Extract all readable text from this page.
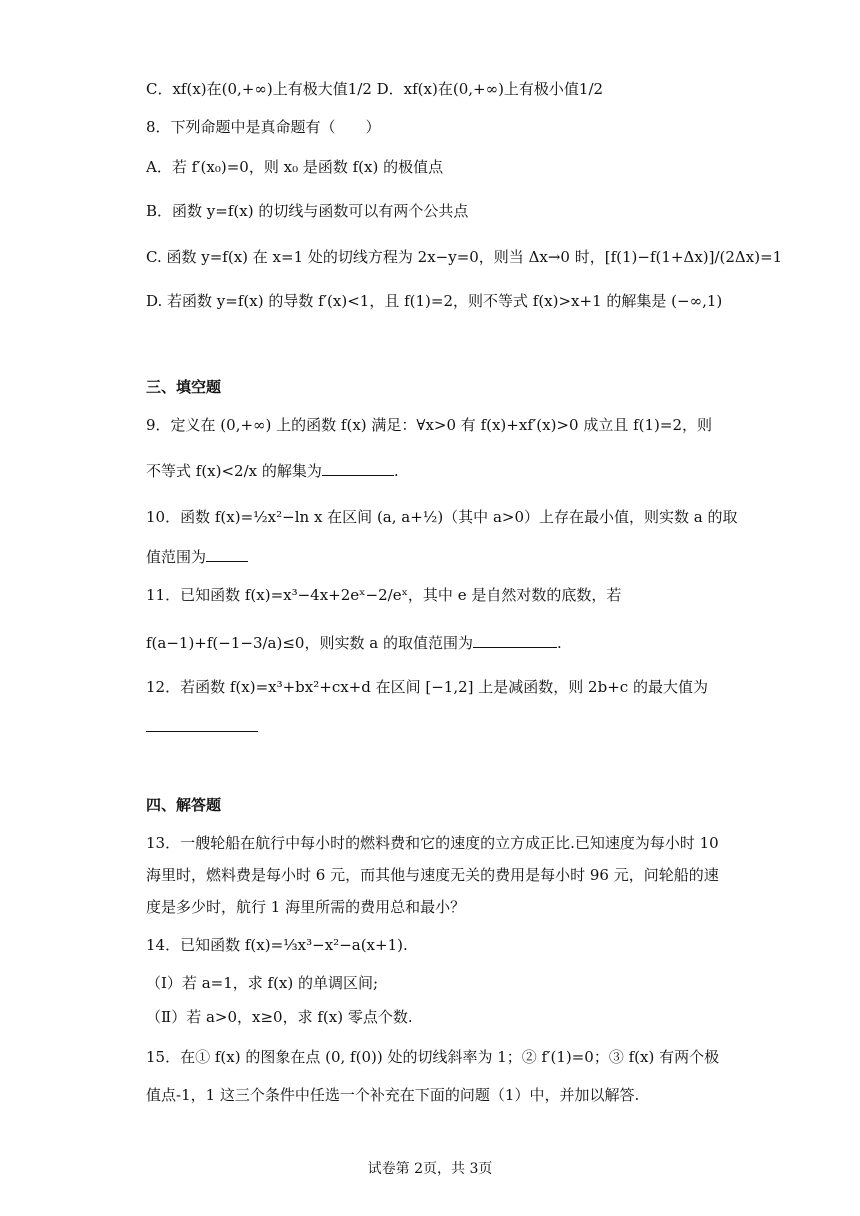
C．xf(x)在(0,+∞)上有极大值1/2 D．xf(x)在(0,+∞)上有极小值1/2
8．下列命题中是真命题有（　　）
A．若 f′(x₀)=0，则 x₀ 是函数 f(x) 的极值点
B．函数 y=f(x) 的切线与函数可以有两个公共点
C. 函数 y=f(x) 在 x=1 处的切线方程为 2x−y=0，则当 Δx→0 时，[f(1)−f(1+Δx)]/(2Δx)=1
D. 若函数 y=f(x) 的导数 f′(x)<1，且 f(1)=2，则不等式 f(x)>x+1 的解集是 (−∞,1)
三、填空题
9．定义在 (0,+∞) 上的函数 f(x) 满足：∀x>0 有 f(x)+xf′(x)>0 成立且 f(1)=2，则
不等式 f(x)<2/x 的解集为	.
10．函数 f(x)=½x²−ln x 在区间 (a, a+½)（其中 a>0）上存在最小值，则实数 a 的取
值范围为
11．已知函数 f(x)=x³−4x+2eˣ−2/eˣ，其中 e 是自然对数的底数，若
f(a−1)+f(−1−3/a)≤0，则实数 a 的取值范围为	.
12．若函数 f(x)=x³+bx²+cx+d 在区间 [−1,2] 上是减函数，则 2b+c 的最大值为
四、解答题
13．一艘轮船在航行中每小时的燃料费和它的速度的立方成正比.已知速度为每小时 10
海里时，燃料费是每小时 6 元，而其他与速度无关的费用是每小时 96 元，问轮船的速
度是多少时，航行 1 海里所需的费用总和最小？
14．已知函数 f(x)=⅓x³−x²−a(x+1).
（Ⅰ）若 a=1，求 f(x) 的单调区间;
（Ⅱ）若 a>0，x≥0，求 f(x) 零点个数.
15．在① f(x) 的图象在点 (0, f(0)) 处的切线斜率为 1；② f′(1)=0；③ f(x) 有两个极
值点-1，1 这三个条件中任选一个补充在下面的问题（1）中，并加以解答.
试卷第 2页，共 3页
